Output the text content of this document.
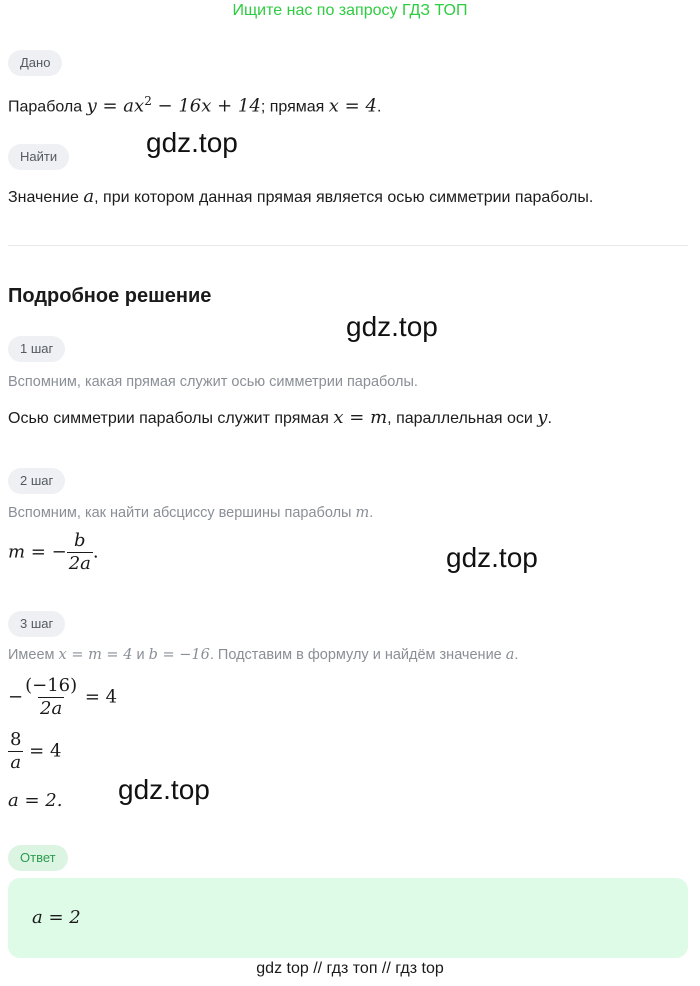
Ищите нас по запросу ГДЗ ТОП
Дано
Парабола $y = ax^2 - 16x + 14$; прямая x = 4.
gdz.top
Найти
Значение a, при котором данная прямая является осью симметрии параболы.
Подробное решение
gdz.top
1 шаг
Вспомним, какая прямая служит осью симметрии параболы.
Осью симметрии параболы служит прямая x = m, параллельная оси y.
2 шаг
Вспомним, как найти абсциссу вершины параболы m.
m = − $\frac{b}{2a}$ .	gdz.top
3 шаг
Имеем x = m = 4 и b = −16. Подставим в формулу и найдём значение a.
− $\frac{(-16)}{2a} = 4$
$\frac{8}{a} = 4$
a = 2. gdz.top
Ответ
a = 2
gdz top // гдз топ // гдз top
